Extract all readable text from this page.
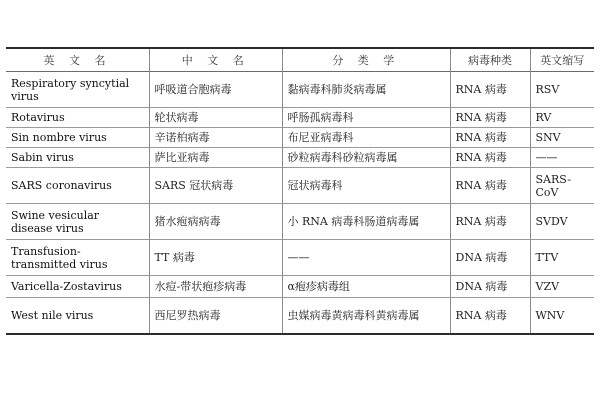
英 文 名	中 文 名	分 类 学	病毒种类	英文缩写
Respiratory syncytial virus	呼吸道合胞病毒	黏病毒科肺炎病毒属	RNA 病毒	RSV
Rotavirus	轮状病毒	呼肠孤病毒科	RNA 病毒	RV
Sin nombre virus	辛诺柏病毒	布尼亚病毒科	RNA 病毒	SNV
Sabin virus	萨比亚病毒	砂粒病毒科砂粒病毒属	RNA 病毒	——
SARS coronavirus	SARS 冠状病毒	冠状病毒科	RNA 病毒	SARS-CoV
Swine vesicular disease virus	猪水疱病病毒	小 RNA 病毒科肠道病毒属	RNA 病毒	SVDV
Transfusion-transmitted virus	TT 病毒	——	DNA 病毒	TTV
Varicella-Zostavirus	水痘-带状疱疹病毒	α疱疹病毒组	DNA 病毒	VZV
West nile virus	西尼罗热病毒	虫媒病毒黄病毒科黄病毒属	RNA 病毒	WNV
